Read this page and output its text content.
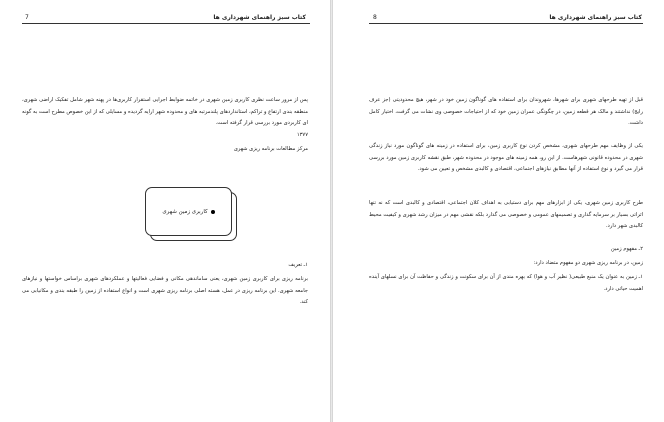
7	کتاب سبز راهنمای شهرداری ها

پس از مرور ساعت نظری کاربری زمین شهری در خاتمه ضوابط اجرایی استقرار کاربری‌ها در پهنه شهر شامل تفکیک اراضی شهری، منطقه بندی ارتفاع و تراکم، استانداردهای پلندمرتبه های و محدوده شهر ارایه گردیده و مسایلی که از این خصوص مطرح است به گونه ای کاربردی مورد بررسی قرار گرفته است.

۱۳۷۷

مرکز مطالعات برنامه ریزی شهری

کاربری زمین شهری

۱ـ تعریف

برنامه ریزی برای کاربری زمین شهری، یعنی ساماندهی مکانی و فضایی فعالیتها و عملکردهای شهری براساس خواستها و نیازهای جامعه شهری. این برنامه ریزی در عمل، هسته اصلی برنامه ریزی شهری است و انواع استفاده از زمین را طبقه بندی و مکانیابی می کند.

8	کتاب سبز راهنمای شهرداری ها

قبل از تهیه طرحهای شهری برای شهرها، شهروندان برای استفاده های گوناگون زمین خود در شهر، هیچ محدودیتی (جز عرف رایج) نداشتند و مالک هر قطعه زمین، در چگونگی عمران زمین خود که از احتیاجات خصوصی وی نشات می گرفت، اختیار کامل داشت.

یکی از وظایف مهم طرحهای شهری، مشخص کردن نوع کاربری زمین، برای استفاده در زمینه های گوناگون مورد نیاز زندگی شهری در محدوده قانونی شهرهاست. از این رو، همه زمینه های موجود در محدوده شهر، طبق نقشه کاربری زمین مورد بررسی قرار می گیرد و نوع استفاده از آنها مطابق نیازهای اجتماعی، اقتصادی و کالبدی مشخص و تعیین می شود.

طرح کاربری زمین شهری، یکی از ابزارهای مهم برای دستیابی به اهداف کلان اجتماعی، اقتصادی و کالبدی است که نه تنها اثراتی بسیار بر سرمایه گذاری و تصمیمهای عمومی و خصوصی می گذارد بلکه نقشی مهم در میزان رشد شهری و کیفیت محیط کالبدی شهر دارد.

۲ـ مفهوم زمین

زمین، در برنامه ریزی شهری دو مفهوم متضاد دارد:

۱ـ زمین به عنوان یک منبع طبیعی( نظیر آب و هوا) که بهره مندی از آن برای سکونت و زندگی و حفاظت آن برای نسلهای آینده اهمیت حیاتی دارد.
